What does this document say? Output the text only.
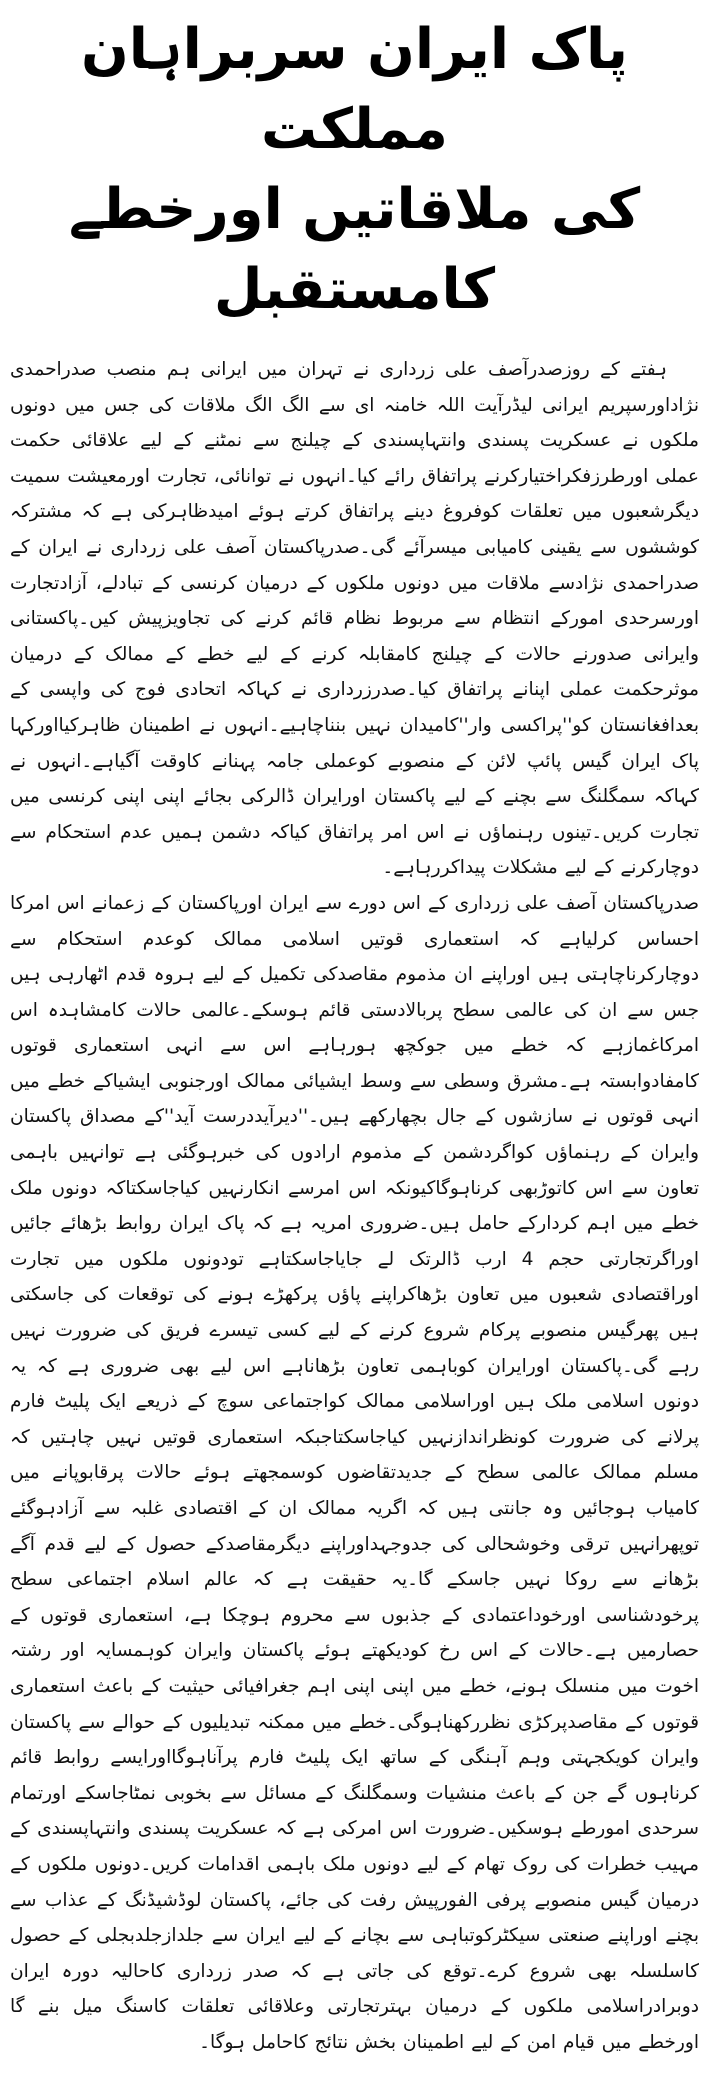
پاک ایران سربراہان مملکت
کی ملاقاتیں اورخطے کامستقبل

ہفتے کے روزصدرآصف علی زرداری نے تہران میں ایرانی ہم منصب صدراحمدی نژاداورسپریم ایرانی لیڈرآیت اللہ خامنہ ای سے الگ الگ ملاقات کی جس میں دونوں ملکوں نے عسکریت پسندی وانتہاپسندی کے چیلنج سے نمٹنے کے لیے علاقائی حکمت عملی اورطرزفکراختیارکرنے پراتفاق رائے کیا۔انہوں نے توانائی، تجارت اورمعیشت سمیت دیگرشعبوں میں تعلقات کوفروغ دینے پراتفاق کرتے ہوئے امیدظاہرکی ہے کہ مشترکہ کوششوں سے یقینی کامیابی میسرآئے گی۔صدرپاکستان آصف علی زرداری نے ایران کے صدراحمدی نژادسے ملاقات میں دونوں ملکوں کے درمیان کرنسی کے تبادلے، آزادتجارت اورسرحدی امورکے انتظام سے مربوط نظام قائم کرنے کی تجاویزپیش کیں۔پاکستانی وایرانی صدورنے حالات کے چیلنج کامقابلہ کرنے کے لیے خطے کے ممالک کے درمیان موثرحکمت عملی اپنانے پراتفاق کیا۔صدرزرداری نے کہاکہ اتحادی فوج کی واپسی کے بعدافغانستان کو''پراکسی وار''کامیدان نہیں بنناچاہیے۔انہوں نے اطمینان ظاہرکیااورکہا پاک ایران گیس پائپ لائن کے منصوبے کوعملی جامہ پہنانے کاوقت آگیاہے۔انہوں نے کہاکہ سمگلنگ سے بچنے کے لیے پاکستان اورایران ڈالرکی بجائے اپنی اپنی کرنسی میں تجارت کریں۔تینوں رہنماؤں نے اس امر پراتفاق کیاکہ دشمن ہمیں عدم استحکام سے دوچارکرنے کے لیے مشکلات پیداکررہاہے۔

صدرپاکستان آصف علی زرداری کے اس دورے سے ایران اورپاکستان کے زعمانے اس امرکا احساس کرلیاہے کہ استعماری قوتیں اسلامی ممالک کوعدم استحکام سے دوچارکرناچاہتی ہیں اوراپنے ان مذموم مقاصدکی تکمیل کے لیے ہروہ قدم اٹھارہی ہیں جس سے ان کی عالمی سطح پربالادستی قائم ہوسکے۔عالمی حالات کامشاہدہ اس امرکاغمازہے کہ خطے میں جوکچھ ہورہاہے اس سے انہی استعماری قوتوں کامفادوابستہ ہے۔مشرق وسطی سے وسط ایشیائی ممالک اورجنوبی ایشیاکے خطے میں انہی قوتوں نے سازشوں کے جال بچھارکھے ہیں۔''دیرآیددرست آید''کے مصداق پاکستان وایران کے رہنماؤں کواگردشمن کے مذموم ارادوں کی خبرہوگئی ہے توانہیں باہمی تعاون سے اس کاتوڑبھی کرناہوگاکیونکہ اس امرسے انکارنہیں کیاجاسکتاکہ دونوں ملک خطے میں اہم کردارکے حامل ہیں۔ضروری امریہ ہے کہ پاک ایران روابط بڑھائے جائیں اوراگرتجارتی حجم 4 ارب ڈالرتک لے جایاجاسکتاہے تودونوں ملکوں میں تجارت اوراقتصادی شعبوں میں تعاون بڑھاکراپنے پاؤں پرکھڑے ہونے کی توقعات کی جاسکتی ہیں پھرگیس منصوبے پرکام شروع کرنے کے لیے کسی تیسرے فریق کی ضرورت نہیں رہے گی۔پاکستان اورایران کوباہمی تعاون بڑھاناہے اس لیے بھی ضروری ہے کہ یہ دونوں اسلامی ملک ہیں اوراسلامی ممالک کواجتماعی سوچ کے ذریعے ایک پلیٹ فارم پرلانے کی ضرورت کونظراندازنہیں کیاجاسکتاجبکہ استعماری قوتیں نہیں چاہتیں کہ مسلم ممالک عالمی سطح کے جدیدتقاضوں کوسمجھتے ہوئے حالات پرقابوپانے میں کامیاب ہوجائیں وہ جانتی ہیں کہ اگریہ ممالک ان کے اقتصادی غلبہ سے آزادہوگئے توپھرانہیں ترقی وخوشحالی کی جدوجہداوراپنے دیگرمقاصدکے حصول کے لیے قدم آگے بڑھانے سے روکا نہیں جاسکے گا۔یہ حقیقت ہے کہ عالم اسلام اجتماعی سطح پرخودشناسی اورخوداعتمادی کے جذبوں سے محروم ہوچکا ہے، استعماری قوتوں کے حصارمیں ہے۔حالات کے اس رخ کودیکھتے ہوئے پاکستان وایران کوہمسایہ اور رشتہ اخوت میں منسلک ہونے، خطے میں اپنی اپنی اہم جغرافیائی حیثیت کے باعث استعماری قوتوں کے مقاصدپرکڑی نظررکھناہوگی۔خطے میں ممکنہ تبدیلیوں کے حوالے سے پاکستان وایران کویکجہتی وہم آہنگی کے ساتھ ایک پلیٹ فارم پرآناہوگااورایسے روابط قائم کرناہوں گے جن کے باعث منشیات وسمگلنگ کے مسائل سے بخوبی نمٹاجاسکے اورتمام سرحدی امورطے ہوسکیں۔ضرورت اس امرکی ہے کہ عسکریت پسندی وانتہاپسندی کے مہیب خطرات کی روک تھام کے لیے دونوں ملک باہمی اقدامات کریں۔دونوں ملکوں کے درمیان گیس منصوبے پرفی الفورپیش رفت کی جائے، پاکستان لوڈشیڈنگ کے عذاب سے بچنے اوراپنے صنعتی سیکٹرکوتباہی سے بچانے کے لیے ایران سے جلدازجلدبجلی کے حصول کاسلسلہ بھی شروع کرے۔توقع کی جاتی ہے کہ صدر زرداری کاحالیہ دورہ ایران دوبرادراسلامی ملکوں کے درمیان بہترتجارتی وعلاقائی تعلقات کاسنگ میل بنے گا اورخطے میں قیام امن کے لیے اطمینان بخش نتائج کاحامل ہوگا۔
